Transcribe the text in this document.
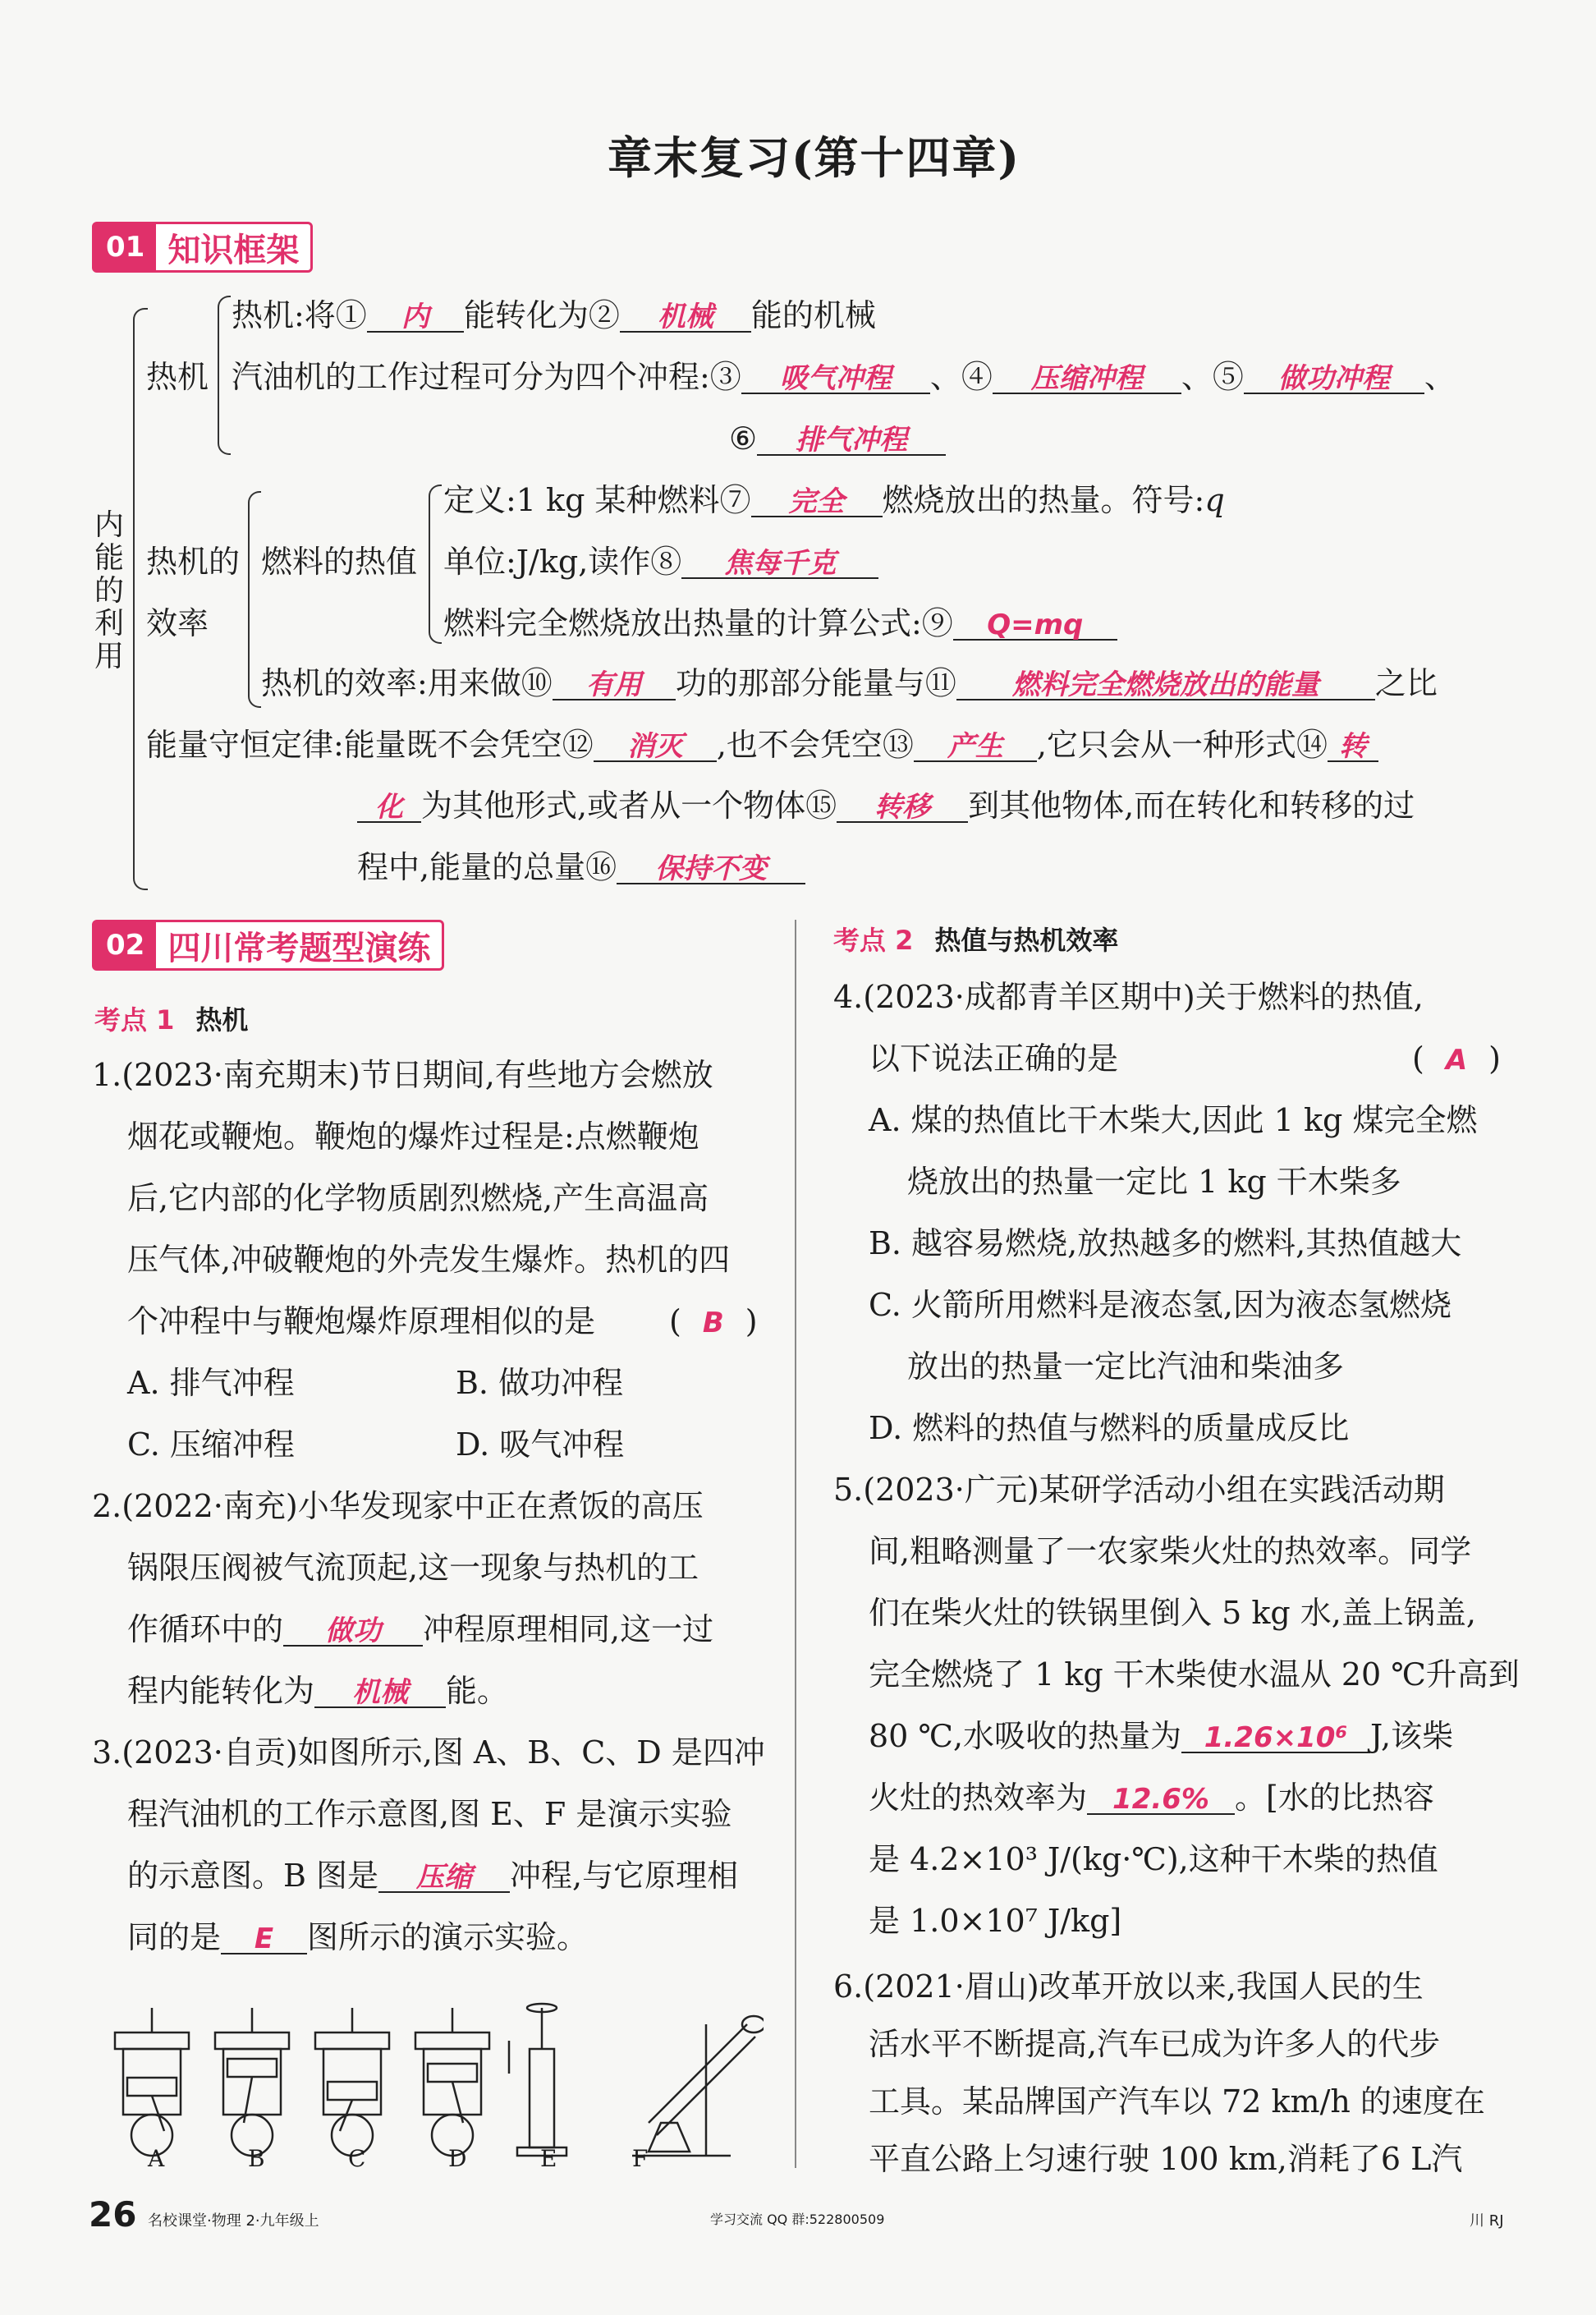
章末复习(第十四章)
01 知识框架
内能的利用
热机
热机:将① 内 能转化为② 机械 能的机械
汽油机的工作过程可分为四个冲程:③ 吸气冲程 、④ 压缩冲程 、⑤ 做功冲程 、
⑥ 排气冲程
热机的
效率
燃料的热值
定义:1 kg 某种燃料⑦ 完全 燃烧放出的热量。符号:q
单位:J/kg,读作⑧ 焦每千克
燃料完全燃烧放出热量的计算公式:⑨ Q=mq
热机的效率:用来做⑩ 有用 功的那部分能量与⑪ 燃料完全燃烧放出的能量 之比
能量守恒定律:能量既不会凭空⑫ 消灭 ,也不会凭空⑬ 产生 ,它只会从一种形式⑭ 转
化 为其他形式,或者从一个物体⑮ 转移 到其他物体,而在转化和转移的过
程中,能量的总量⑯ 保持不变
02 四川常考题型演练
考点 1 热机
1.(2023·南充期末)节日期间,有些地方会燃放
烟花或鞭炮。鞭炮的爆炸过程是:点燃鞭炮
后,它内部的化学物质剧烈燃烧,产生高温高
压气体,冲破鞭炮的外壳发生爆炸。热机的四
个冲程中与鞭炮爆炸原理相似的是 ( B )
A. 排气冲程	B. 做功冲程
C. 压缩冲程	D. 吸气冲程
2.(2022·南充)小华发现家中正在煮饭的高压
锅限压阀被气流顶起,这一现象与热机的工
作循环中的 做功 冲程原理相同,这一过
程内能转化为 机械 能。
3.(2023·自贡)如图所示,图 A、B、C、D 是四冲
程汽油机的工作示意图,图 E、F 是演示实验
的示意图。B 图是 压缩 冲程,与它原理相
同的是 E 图所示的演示实验。
A	B	C	D	E	F
考点 2 热值与热机效率
4.(2023·成都青羊区期中)关于燃料的热值,
以下说法正确的是	( A )
A. 煤的热值比干木柴大,因此 1 kg 煤完全燃
烧放出的热量一定比 1 kg 干木柴多
B. 越容易燃烧,放热越多的燃料,其热值越大
C. 火箭所用燃料是液态氢,因为液态氢燃烧
放出的热量一定比汽油和柴油多
D. 燃料的热值与燃料的质量成反比
5.(2023·广元)某研学活动小组在实践活动期
间,粗略测量了一农家柴火灶的热效率。同学
们在柴火灶的铁锅里倒入 5 kg 水,盖上锅盖,
完全燃烧了 1 kg 干木柴使水温从 20 ℃升高到
80 ℃,水吸收的热量为 1.26×10⁶ J,该柴
火灶的热效率为 12.6% 。[水的比热容
是 4.2×10³ J/(kg·℃),这种干木柴的热值
是 1.0×10⁷ J/kg]
6.(2021·眉山)改革开放以来,我国人民的生
活水平不断提高,汽车已成为许多人的代步
工具。某品牌国产汽车以 72 km/h 的速度在
平直公路上匀速行驶 100 km,消耗了6 L汽
26 名校课堂·物理 2·九年级上	学习交流 QQ 群:522800509	川 RJ
